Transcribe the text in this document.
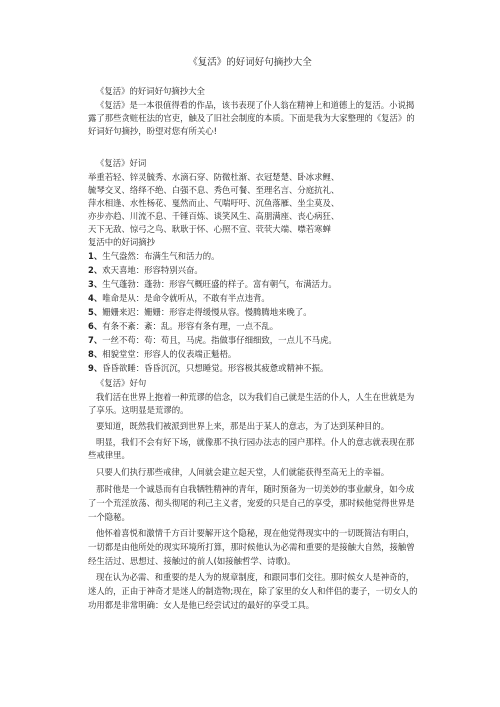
《复活》的好词好句摘抄大全
《复活》的好词好句摘抄大全
《复活》是一本很值得看的作品，该书表现了仆人翁在精神上和道德上的复活。小说揭
露了那些贪赃枉法的官吏，触及了旧社会制度的本质。下面是我为大家整理的《复活》的
好词好句摘抄，盼望对您有所关心!
《复活》好词
举重若轻、锌灵毓秀、水滴石穿、防微杜渐、衣冠楚楚、卧冰求鲤、
毓琴交叉、络绎不绝、白强不息、秀色可餐、至理名言、分庭抗礼、
萍水相逢、水性杨花、戛然而止、气喘吁吁、沉鱼落雁、坐尘莫及、
亦步亦趋、川流不息、千锤百炼、谈笑风生、高朋满座、丧心病狂、
天下无敌、惊弓之鸟、耿耿于怀、心照不宣、茕茕大端、噤若寒蝉
复活中的好词摘抄
1、生气盎然：布满生气和活力的。
2、欢天喜地：形容特别兴奋。
3、生气蓬勃：蓬勃：形容气概旺盛的样子。富有朝气，布满活力。
4、唯命是从：是命令就听从，不敢有半点违背。
5、姗姗来迟：姗姗：形容走得缓慢从容。慢腾腾地来晚了。
6、有条不紊：紊：乱。形容有条有理，一点不乱。
7、一丝不苟：苟：苟且，马虎。指做事仔细细致，一点儿不马虎。
8、相貌堂堂：形容人的仪表端正魁梧。
9、昏昏欲睡：昏昏沉沉，只想睡觉。形容极其疲惫或精神不振。
《复活》好句
我们活在世界上抱着一种荒谬的信念，以为我们自己就是生活的仆人，人生在世就是为
了享乐。这明显是荒谬的。
要知道，既然我们被派到世界上来，那是出于某人的意志，为了达到某种目的。
明显，我们不会有好下场，就像那不执行园办法志的园户那样。仆人的意志就表现在那
些戒律里。
只要人们执行那些戒律，人间就会建立起天堂，人们就能获得至高无上的幸福。
那时他是一个诚恳而有自我牺牲精神的青年，随时预备为一切美妙的事业献身，如今成
了一个荒淫放荡、彻头彻尾的利己主义者，宠爱的只是自己的享受，那时候他觉得世界是
一个隐秘。
他怀着喜悦和激情千方百计要解开这个隐秘，现在他觉得现实中的一切既简洁有明白，
一切都是由他所处的现实环境所打算，那时候他认为必需和重要的是接触大自然，接触曾
经生活过、思想过、接触过的前人(如接触哲学、诗歌)。
现在认为必需、和重要的是人为的规章制度，和跟同事们交往。那时候女人是神奇的，
迷人的，正由于神奇才是迷人的制造物;现在，除了家里的女人和伴侣的妻子，一切女人的
功用都是非常明确：女人是他已经尝试过的最好的享受工具。
